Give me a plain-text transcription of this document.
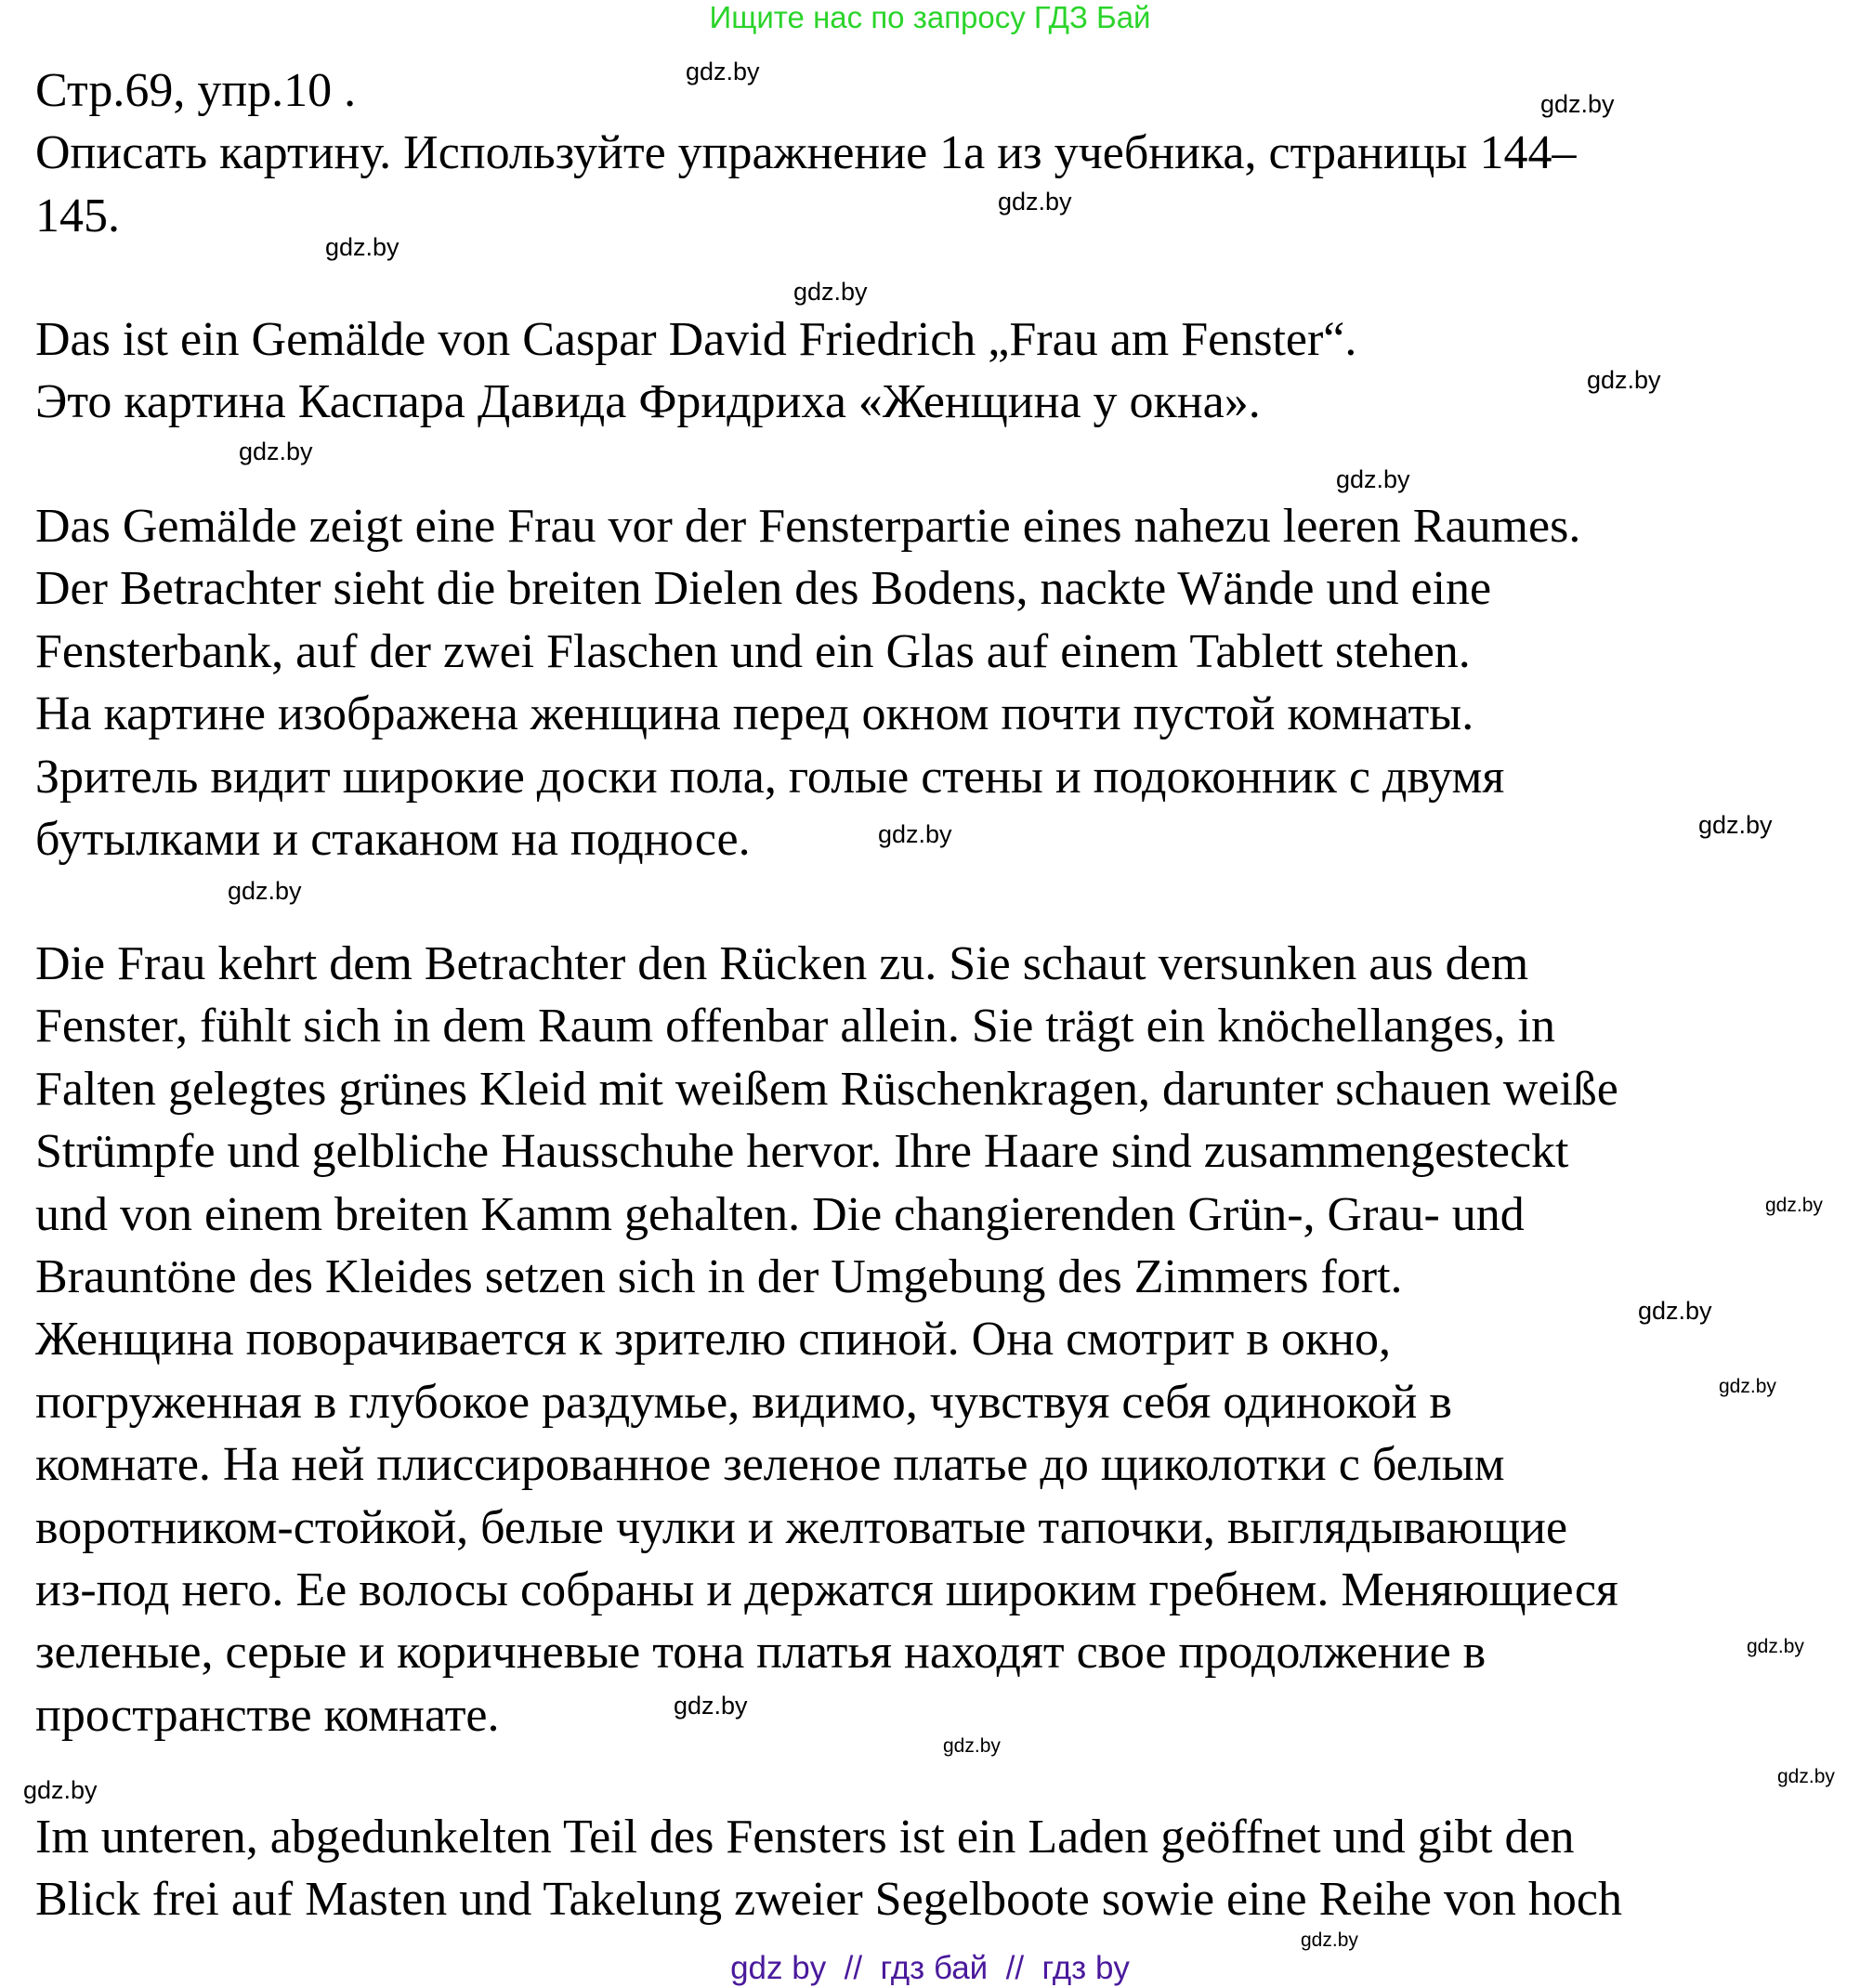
Ищите нас по запросу ГДЗ Бай
Стр.69, упр.10 .
Описать картину. Используйте упражнение 1а из учебника, страницы 144–
145.
Das ist ein Gemälde von Caspar David Friedrich „Frau am Fenster“.
Это картина Каспара Давида Фридриха «Женщина у окна».
Das Gemälde zeigt eine Frau vor der Fensterpartie eines nahezu leeren Raumes.
Der Betrachter sieht die breiten Dielen des Bodens, nackte Wände und eine
Fensterbank, auf der zwei Flaschen und ein Glas auf einem Tablett stehen.
На картине изображена женщина перед окном почти пустой комнаты.
Зритель видит широкие доски пола, голые стены и подоконник с двумя
бутылками и стаканом на подносе.
Die Frau kehrt dem Betrachter den Rücken zu. Sie schaut versunken aus dem
Fenster, fühlt sich in dem Raum offenbar allein. Sie trägt ein knöchellanges, in
Falten gelegtes grünes Kleid mit weißem Rüschenkragen, darunter schauen weiße
Strümpfe und gelbliche Hausschuhe hervor. Ihre Haare sind zusammengesteckt
und von einem breiten Kamm gehalten. Die changierenden Grün-, Grau- und
Brauntöne des Kleides setzen sich in der Umgebung des Zimmers fort.
Женщина поворачивается к зрителю спиной. Она смотрит в окно,
погруженная в глубокое раздумье, видимо, чувствуя себя одинокой в
комнате. На ней плиссированное зеленое платье до щиколотки с белым
воротником-стойкой, белые чулки и желтоватые тапочки, выглядывающие
из-под него. Ее волосы собраны и держатся широким гребнем. Меняющиеся
зеленые, серые и коричневые тона платья находят свое продолжение в
пространстве комнате.
Im unteren, abgedunkelten Teil des Fensters ist ein Laden geöffnet und gibt den
Blick frei auf Masten und Takelung zweier Segelboote sowie eine Reihe von hoch
gdz.by
gdz.by
gdz.by
gdz.by
gdz.by
gdz.by
gdz.by
gdz.by
gdz.by
gdz.by
gdz.by
gdz.by
gdz.by
gdz.by
gdz.by
gdz.by
gdz.by
gdz.by	gdz.by
gdz.by
gdz by  //  гдз бай  //  гдз by
